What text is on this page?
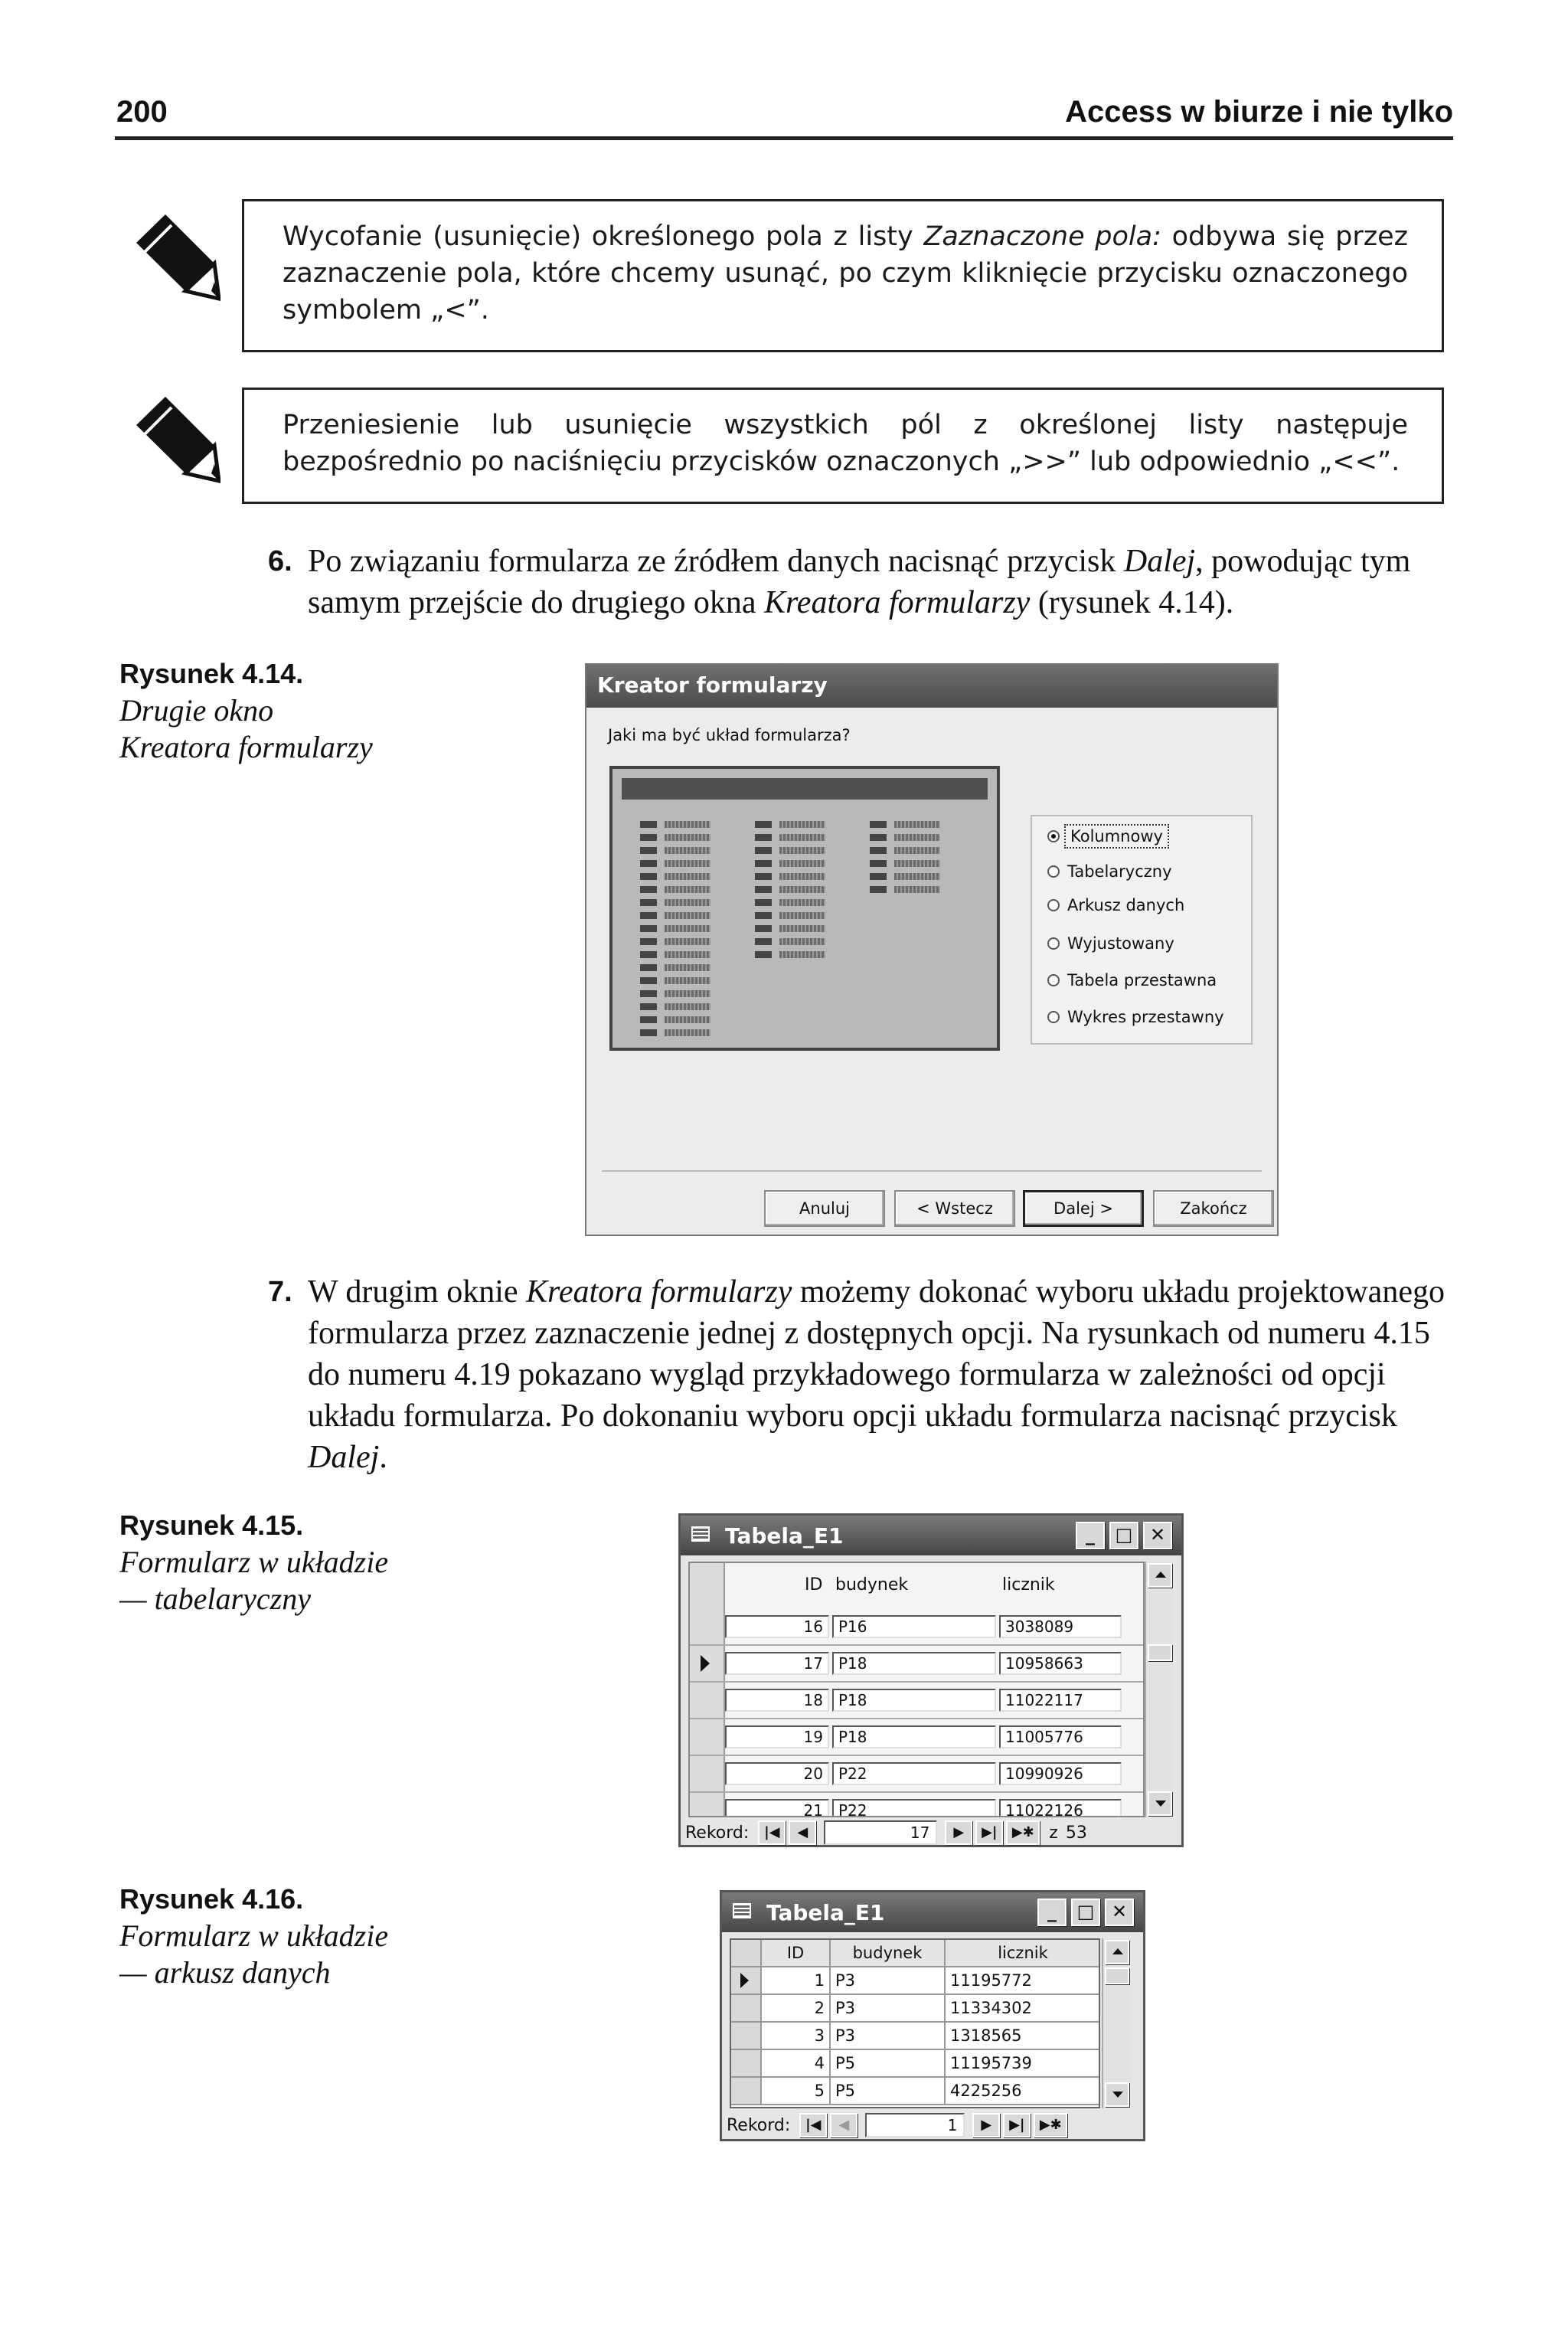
200	Access w biurze i nie tylko
Wycofanie (usunięcie) określonego pola z listy Zaznaczone pola: odbywa się przez zaznaczenie pola, które chcemy usunąć, po czym kliknięcie przycisku oznaczonego symbolem „<”.
Przeniesienie lub usunięcie wszystkich pól z określonej listy następuje bezpośrednio po naciśnięciu przycisków oznaczonych „>>” lub odpowiednio „<<”.
6. Po związaniu formularza ze źródłem danych nacisnąć przycisk Dalej, powodując tym samym przejście do drugiego okna Kreatora formularzy (rysunek 4.14).
Rysunek 4.14.
Drugie okno
Kreatora formularzy
Kreator formularzy
Jaki ma być układ formularza?
Kolumnowy
Tabelaryczny
Arkusz danych
Wyjustowany
Tabela przestawna
Wykres przestawny
Anuluj	< Wstecz	Dalej >	Zakończ
7. W drugim oknie Kreatora formularzy możemy dokonać wyboru układu projektowanego formularza przez zaznaczenie jednej z dostępnych opcji. Na rysunkach od numeru 4.15 do numeru 4.19 pokazano wygląd przykładowego formularza w zależności od opcji układu formularza. Po dokonaniu wyboru opcji układu formularza nacisnąć przycisk Dalej.
Rysunek 4.15.
Formularz w układzie
— tabelaryczny
Tabela_E1	_	□ ✕
ID budynek	licznik
16	P16	3038089
17	P18	10958663
18	P18	11022117
19	P18	11005776
20	P22	10990926
21	P22	11022126
Rekord:	|◀	◀	17	▶	▶|	▶✱ z 53
Rysunek 4.16.
Formularz w układzie
— arkusz danych
Tabela_E1	_	□ ✕
ID	budynek	licznik
1 P3	11195772
2 P3	11334302
3 P3	1318565
4 P5	11195739
5 P5	4225256
Rekord:	|◀	◀	1	▶	▶|	▶✱
